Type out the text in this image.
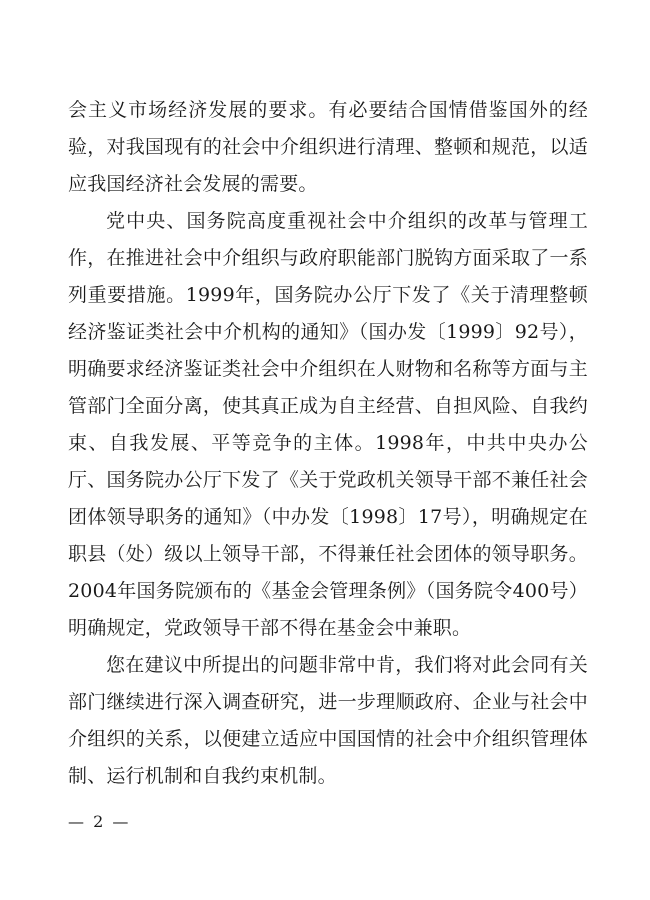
会主义市场经济发展的要求。有必要结合国情借鉴国外的经验，对我国现有的社会中介组织进行清理、整顿和规范，以适应我国经济社会发展的需要。

党中央、国务院高度重视社会中介组织的改革与管理工作，在推进社会中介组织与政府职能部门脱钩方面采取了一系列重要措施。1999年，国务院办公厅下发了《关于清理整顿经济鉴证类社会中介机构的通知》（国办发〔1999〕92号），明确要求经济鉴证类社会中介组织在人财物和名称等方面与主管部门全面分离，使其真正成为自主经营、自担风险、自我约束、自我发展、平等竞争的主体。1998年，中共中央办公厅、国务院办公厅下发了《关于党政机关领导干部不兼任社会团体领导职务的通知》（中办发〔1998〕17号），明确规定在职县（处）级以上领导干部，不得兼任社会团体的领导职务。2004年国务院颁布的《基金会管理条例》（国务院令400号）明确规定，党政领导干部不得在基金会中兼职。

您在建议中所提出的问题非常中肯，我们将对此会同有关部门继续进行深入调查研究，进一步理顺政府、企业与社会中介组织的关系，以便建立适应中国国情的社会中介组织管理体制、运行机制和自我约束机制。

— 2 —
